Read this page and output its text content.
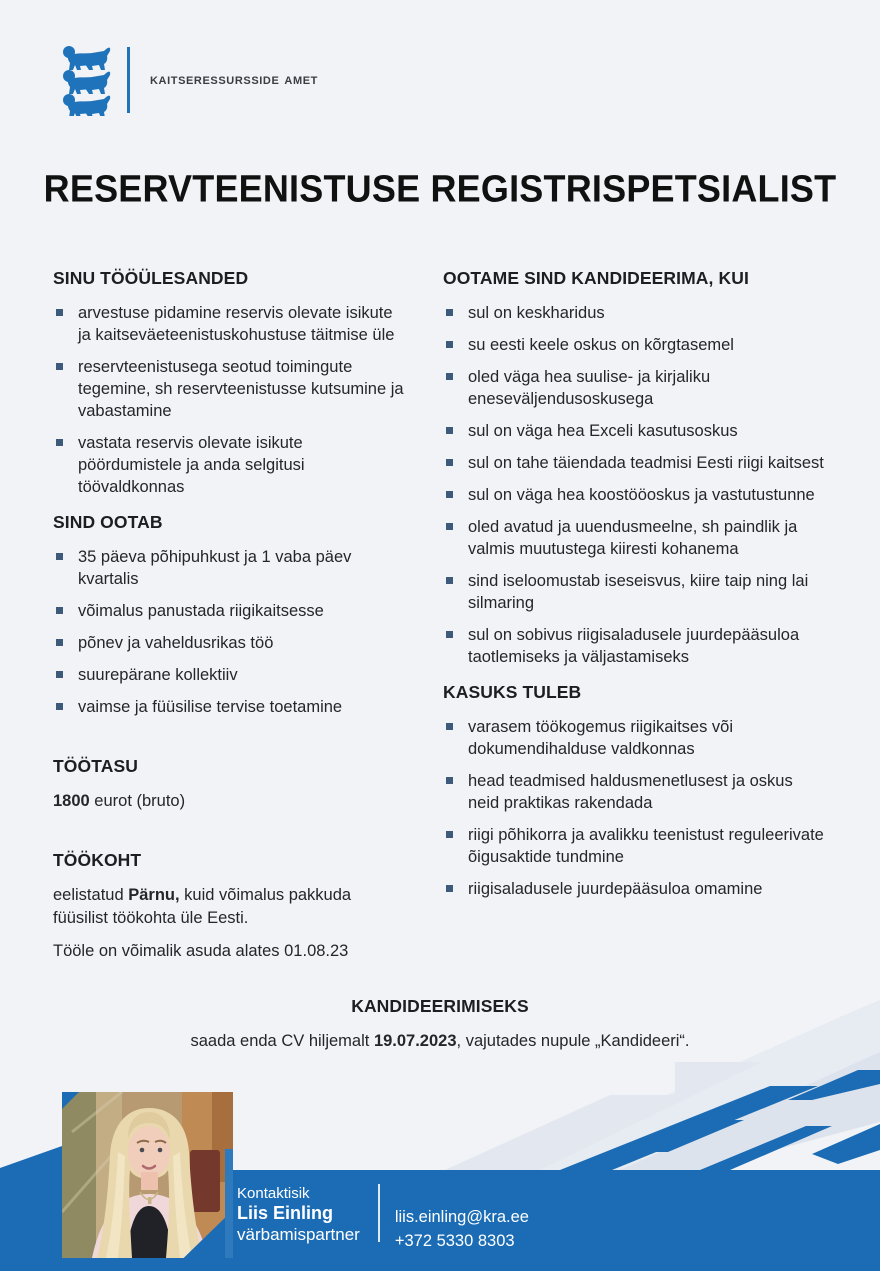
kaitseressursside amet
RESERVTEENISTUSE REGISTRISPETSIALIST
SINU TÖÖÜLESANDED
arvestuse pidamine reservis olevate isikute ja kaitseväeteenistuskohustuse täitmise üle
reservteenistusega seotud toimingute tegemine, sh reservteenistusse kutsumine ja vabastamine
vastata reservis olevate isikute pöördumistele ja anda selgitusi töövaldkonnas
SIND OOTAB
35 päeva põhipuhkust ja 1 vaba päev kvartalis
võimalus panustada riigikaitsesse
põnev ja vaheldusrikas töö
suurepärane kollektiiv
vaimse ja füüsilise tervise toetamine
TÖÖTASU

1800 eurot (bruto)

TÖÖKOHT

eelistatud Pärnu, kuid võimalus pakkuda füüsilist töökohta üle Eesti.

Tööle on võimalik asuda alates 01.08.23

OOTAME SIND KANDIDEERIMA, KUI
sul on keskharidus
su eesti keele oskus on kõrgtasemel
oled väga hea suulise- ja kirjaliku eneseväljendusoskusega
sul on väga hea Exceli kasutusoskus
sul on tahe täiendada teadmisi Eesti riigi kaitsest
sul on väga hea koostööoskus ja vastutustunne
oled avatud ja uuendusmeelne, sh paindlik ja valmis muutustega kiiresti kohanema
sind iseloomustab iseseisvus, kiire taip ning lai silmaring
sul on sobivus riigisaladusele juurdepääsuloa taotlemiseks ja väljastamiseks
KASUKS TULEB
varasem töökogemus riigikaitses või dokumendihalduse valdkonnas
head teadmised haldusmenetlusest ja oskus neid praktikas rakendada
riigi põhikorra ja avalikku teenistust reguleerivate õigusaktide tundmine
riigisaladusele juurdepääsuloa omamine
KANDIDEERIMISEKS

saada enda CV hiljemalt 19.07.2023, vajutades nupule „Kandideeri“.

Kontaktisik
Liis Einling
värbamispartner
liis.einling@kra.ee
+372 5330 8303
